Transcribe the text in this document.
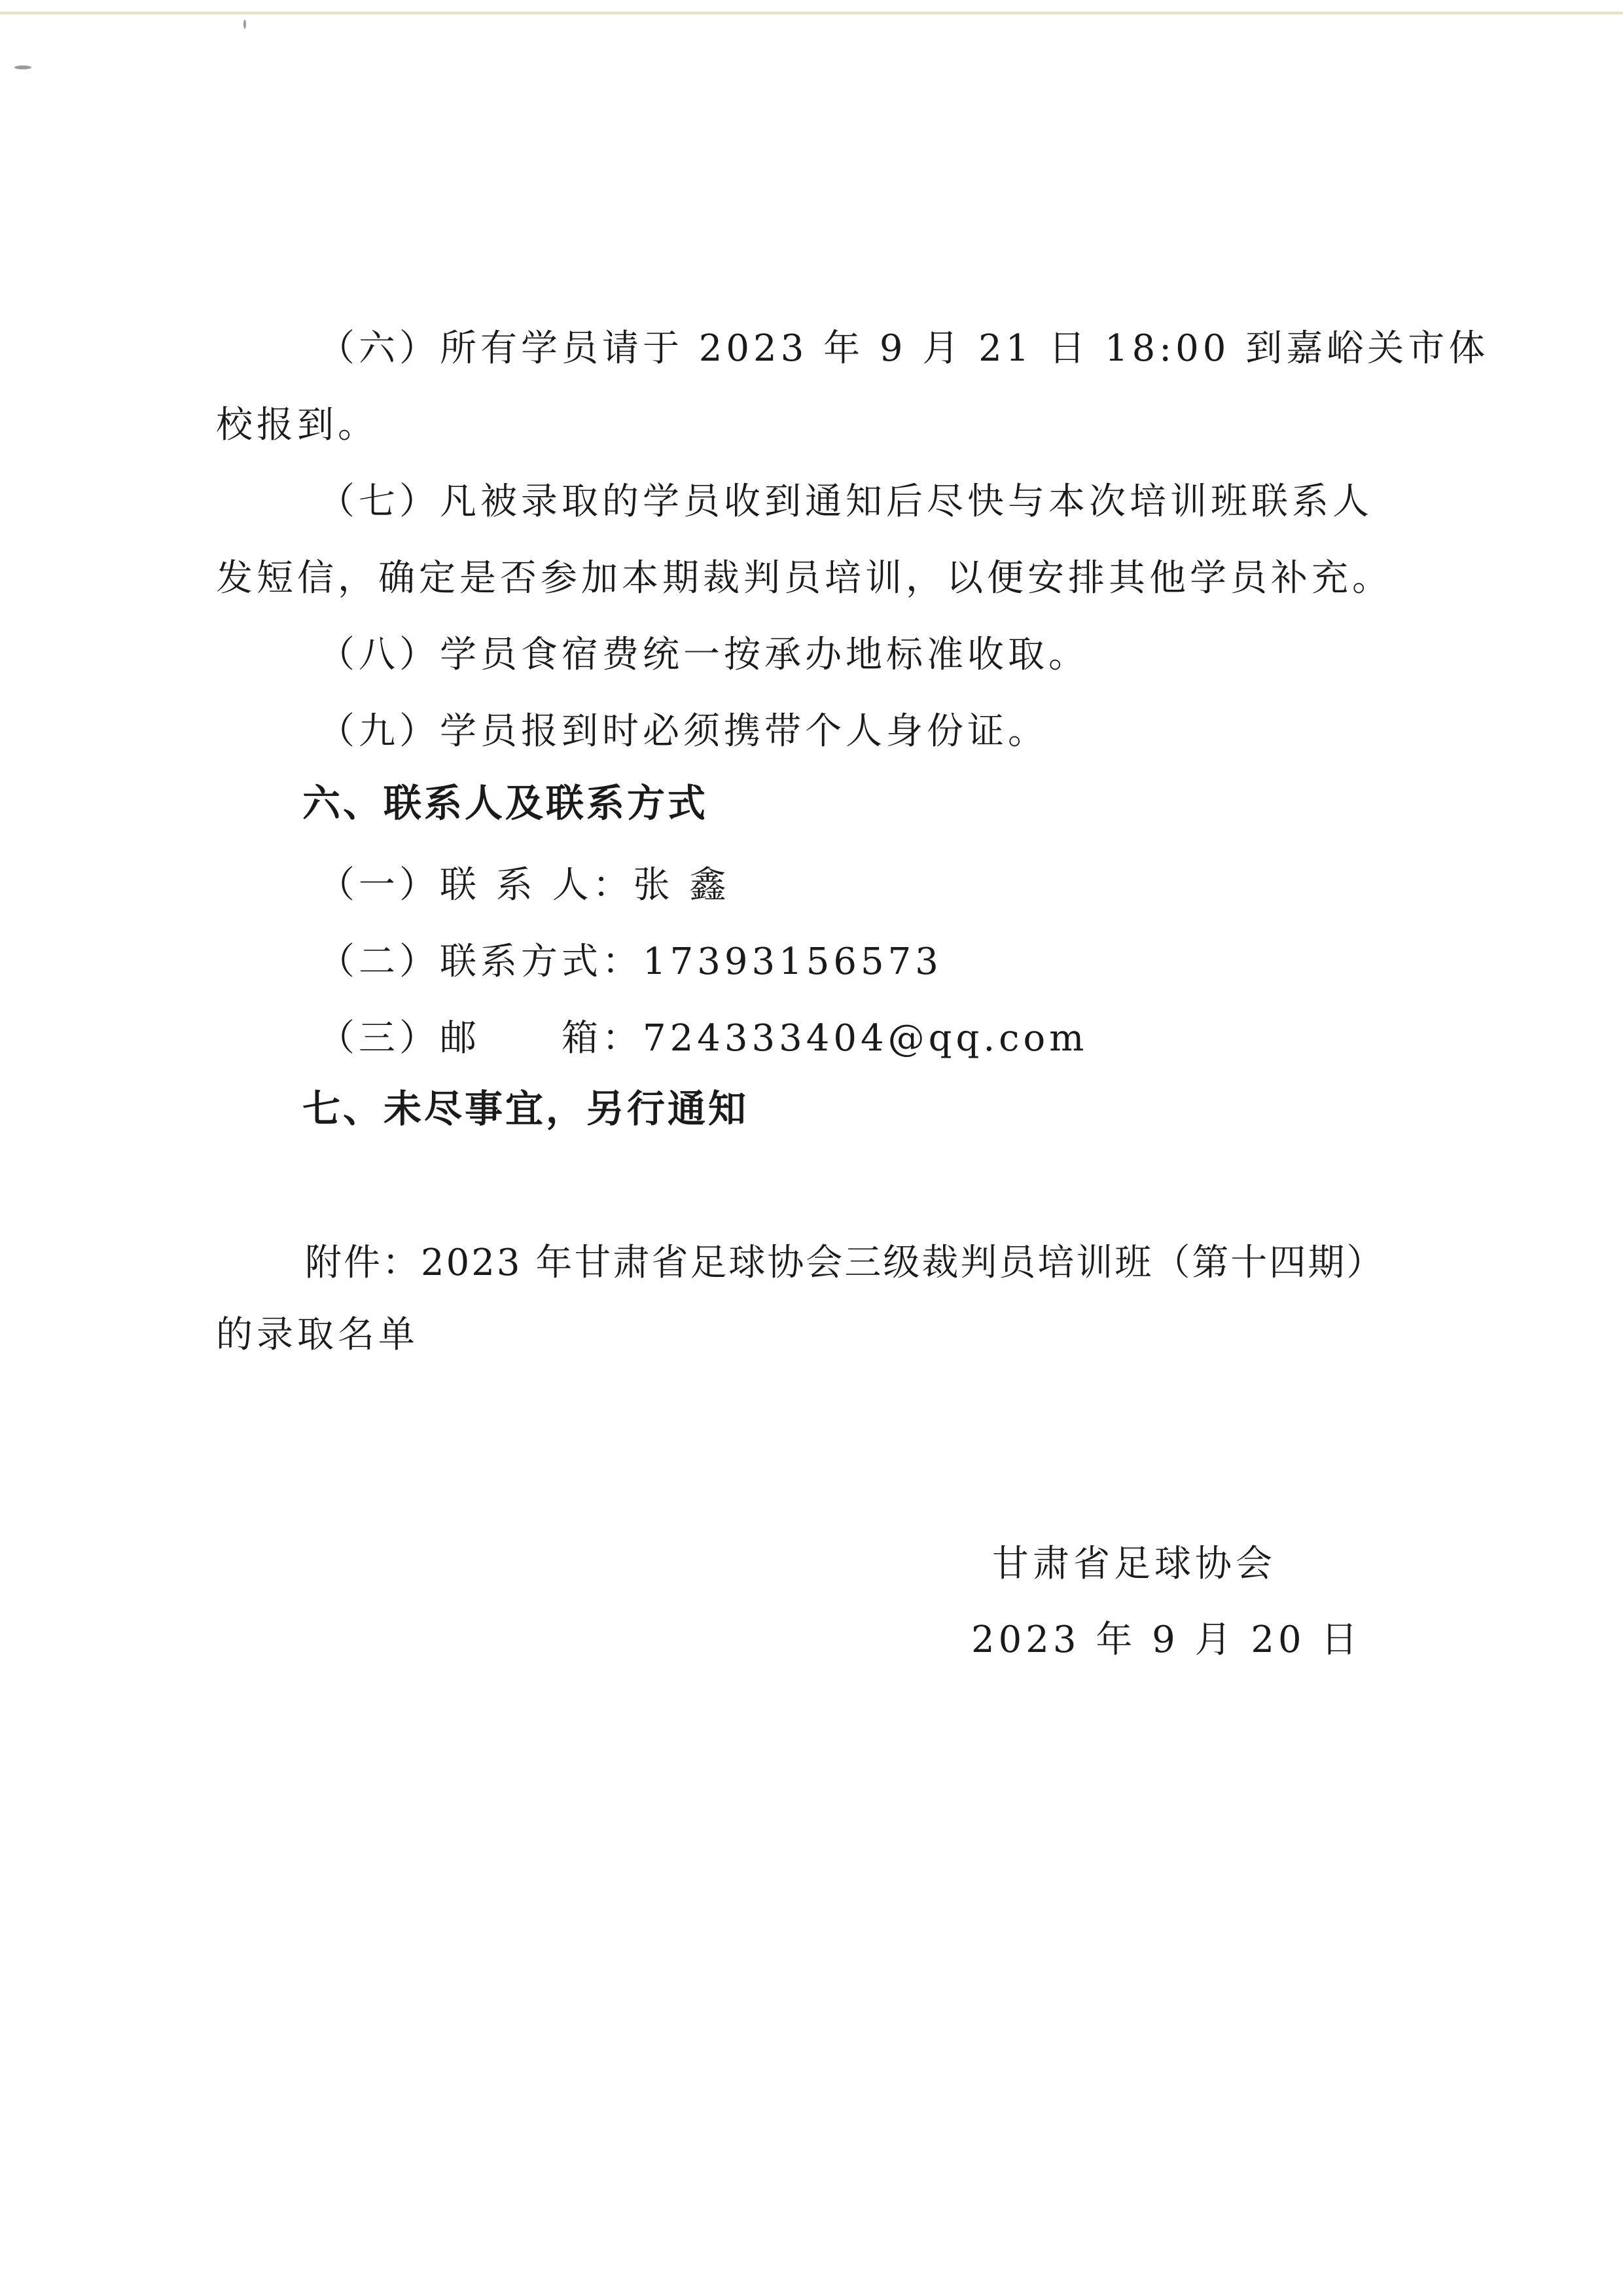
（六）所有学员请于 2023 年 9 月 21 日 18:00 到嘉峪关市体
校报到。
（七）凡被录取的学员收到通知后尽快与本次培训班联系人
发短信，确定是否参加本期裁判员培训，以便安排其他学员补充。
（八）学员食宿费统一按承办地标准收取。
（九）学员报到时必须携带个人身份证。
六、联系人及联系方式
（一）联 系 人：张 鑫
（二）联系方式：17393156573
（三）邮　　箱：724333404@qq.com
七、未尽事宜，另行通知
附件：2023 年甘肃省足球协会三级裁判员培训班（第十四期）
的录取名单
甘肃省足球协会
2023 年 9 月 20 日
